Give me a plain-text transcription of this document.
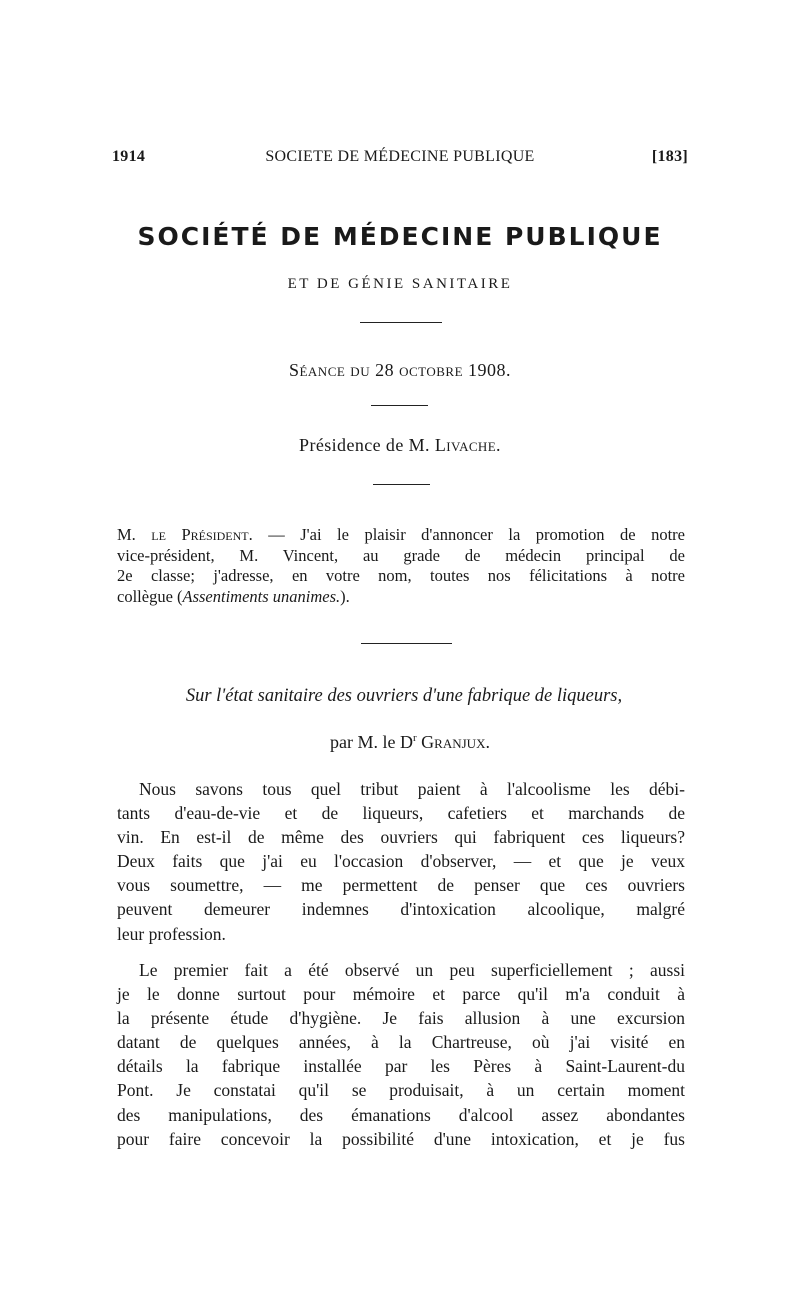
1914	SOCIETE DE MÉDECINE PUBLIQUE	[183]
SOCIÉTÉ DE MÉDECINE PUBLIQUE
ET DE GÉNIE SANITAIRE
Séance du 28 octobre 1908.
Présidence de M. Livache.
M. le Président. — J'ai le plaisir d'annoncer la promotion de notre
vice-président, M. Vincent, au grade de médecin principal de
2e classe; j'adresse, en votre nom, toutes nos félicitations à notre
collègue (Assentiments unanimes.).
Sur l'état sanitaire des ouvriers d'une fabrique de liqueurs,
par M. le $D^r$ Granjux.
Nous savons tous quel tribut paient à l'alcoolisme les débi-
tants d'eau-de-vie et de liqueurs, cafetiers et marchands de
vin. En est-il de même des ouvriers qui fabriquent ces liqueurs?
Deux faits que j'ai eu l'occasion d'observer, — et que je veux
vous soumettre, — me permettent de penser que ces ouvriers
peuvent demeurer indemnes d'intoxication alcoolique, malgré
leur profession.
Le premier fait a été observé un peu superficiellement ; aussi
je le donne surtout pour mémoire et parce qu'il m'a conduit à
la présente étude d'hygiène. Je fais allusion à une excursion
datant de quelques années, à la Chartreuse, où j'ai visité en
détails la fabrique installée par les Pères à Saint-Laurent-du
Pont. Je constatai qu'il se produisait, à un certain moment
des manipulations, des émanations d'alcool assez abondantes
pour faire concevoir la possibilité d'une intoxication, et je fus
